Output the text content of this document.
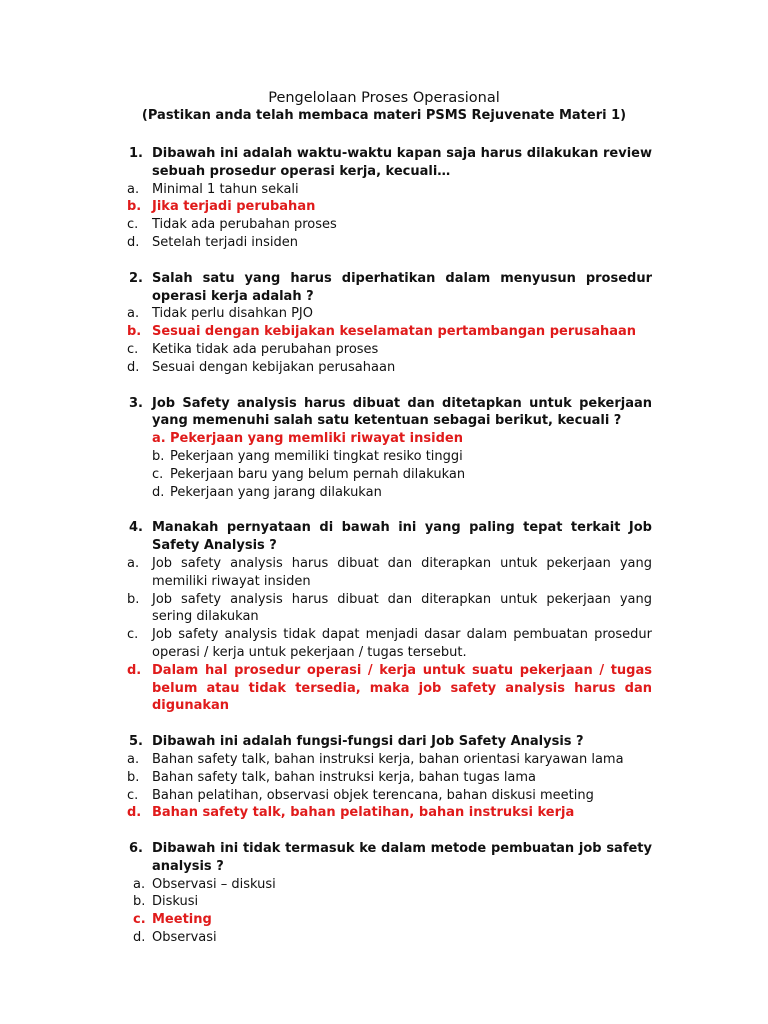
Pengelolaan Proses Operasional

(Pastikan anda telah membaca materi PSMS Rejuvenate Materi 1)

1. Dibawah ini adalah waktu-waktu kapan saja harus dilakukan review sebuah prosedur operasi kerja, kecuali…
a. Minimal 1 tahun sekali
b. Jika terjadi perubahan
c. Tidak ada perubahan proses
d. Setelah terjadi insiden
2. Salah satu yang harus diperhatikan dalam menyusun prosedur operasi kerja adalah ?
a. Tidak perlu disahkan PJO
b. Sesuai dengan kebijakan keselamatan pertambangan perusahaan
c. Ketika tidak ada perubahan proses
d. Sesuai dengan kebijakan perusahaan
3. Job Safety analysis harus dibuat dan ditetapkan untuk pekerjaan yang memenuhi salah satu ketentuan sebagai berikut, kecuali ?
a. Pekerjaan yang memliki riwayat insiden
b. Pekerjaan yang memiliki tingkat resiko tinggi
c. Pekerjaan baru yang belum pernah dilakukan
d. Pekerjaan yang jarang dilakukan
4. Manakah pernyataan di bawah ini yang paling tepat terkait Job Safety Analysis ?
a. Job safety analysis harus dibuat dan diterapkan untuk pekerjaan yang memiliki riwayat insiden
b. Job safety analysis harus dibuat dan diterapkan untuk pekerjaan yang sering dilakukan
c. Job safety analysis tidak dapat menjadi dasar dalam pembuatan prosedur operasi / kerja untuk pekerjaan / tugas tersebut.
d. Dalam hal prosedur operasi / kerja untuk suatu pekerjaan / tugas belum atau tidak tersedia, maka job safety analysis harus dan digunakan
5. Dibawah ini adalah fungsi-fungsi dari Job Safety Analysis ?
a. Bahan safety talk, bahan instruksi kerja, bahan orientasi karyawan lama
b. Bahan safety talk, bahan instruksi kerja, bahan tugas lama
c. Bahan pelatihan, observasi objek terencana, bahan diskusi meeting
d. Bahan safety talk, bahan pelatihan, bahan instruksi kerja
6. Dibawah ini tidak termasuk ke dalam metode pembuatan job safety analysis ?
a. Observasi – diskusi
b. Diskusi
c. Meeting
d. Observasi
